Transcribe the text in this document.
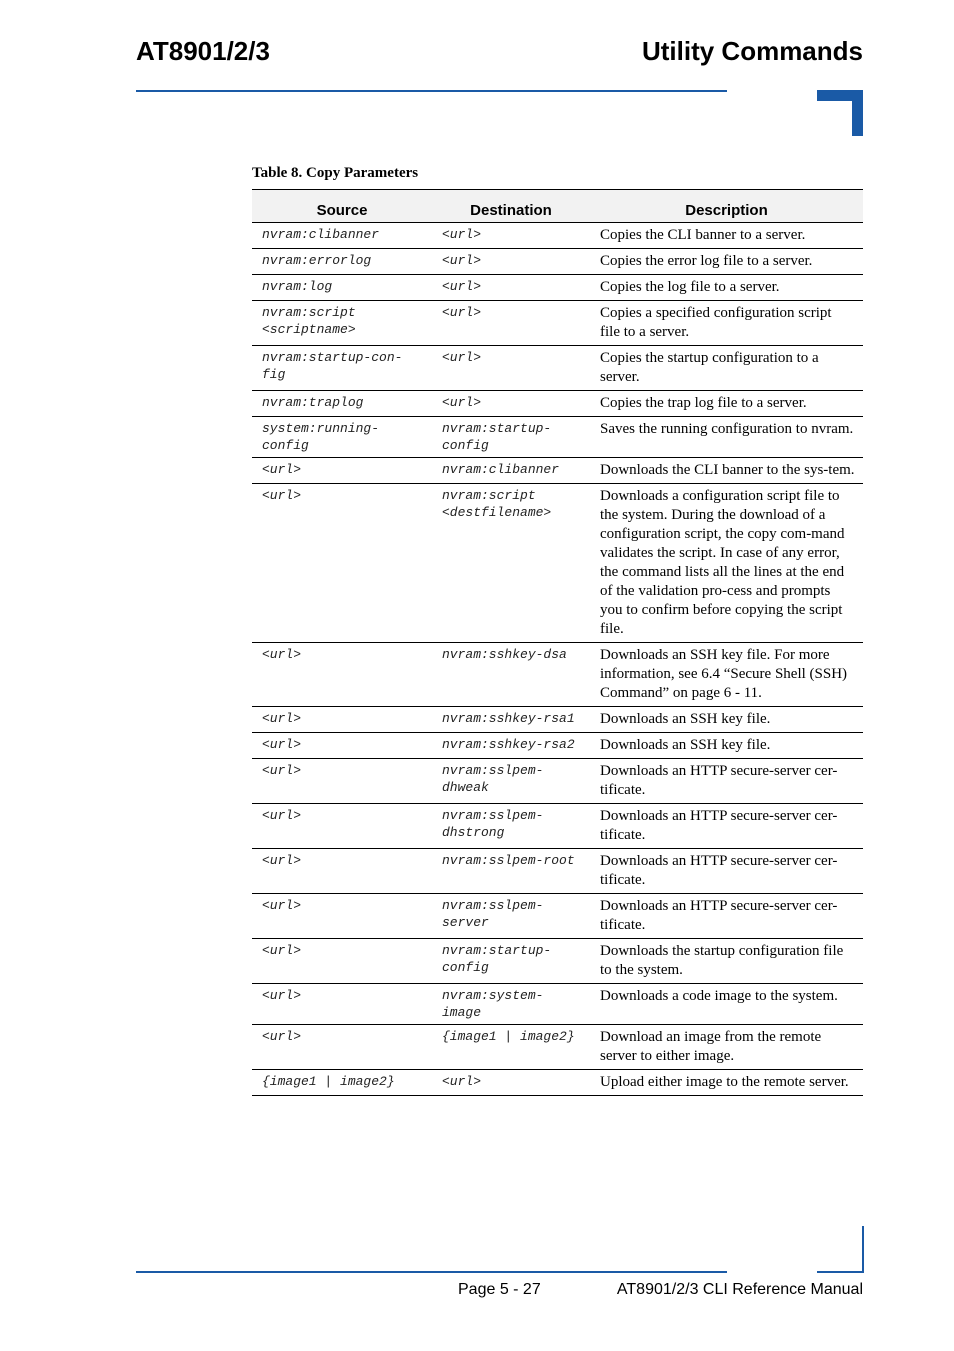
AT8901/2/3	Utility Commands
Table 8. Copy Parameters
Source	Destination	Description
nvram:clibanner	<url>	Copies the CLI banner to a server.
nvram:errorlog	<url>	Copies the error log file to a server.
nvram:log	<url>	Copies the log file to a server.
nvram:script <scriptname>	<url>	Copies a specified configuration script file to a server.
nvram:startup-con-fig	<url>	Copies the startup configuration to a server.
nvram:traplog	<url>	Copies the trap log file to a server.
system:running-config	nvram:startup-config	Saves the running configuration to nvram.
<url>	nvram:clibanner	Downloads the CLI banner to the sys-tem.
<url>	nvram:script <destfilename>	Downloads a configuration script file to the system. During the download of a configuration script, the copy com-mand validates the script. In case of any error, the command lists all the lines at the end of the validation pro-cess and prompts you to confirm before copying the script file.
<url>	nvram:sshkey-dsa	Downloads an SSH key file. For more information, see 6.4 “Secure Shell (SSH) Command” on page 6 - 11.
<url>	nvram:sshkey-rsa1	Downloads an SSH key file.
<url>	nvram:sshkey-rsa2	Downloads an SSH key file.
<url>	nvram:sslpem-dhweak	Downloads an HTTP secure-server cer-tificate.
<url>	nvram:sslpem-dhstrong	Downloads an HTTP secure-server cer-tificate.
<url>	nvram:sslpem-root	Downloads an HTTP secure-server cer-tificate.
<url>	nvram:sslpem-server	Downloads an HTTP secure-server cer-tificate.
<url>	nvram:startup-config	Downloads the startup configuration file to the system.
<url>	nvram:system-image	Downloads a code image to the system.
<url>	{image1 | image2}	Download an image from the remote server to either image.
{image1 | image2}	<url>	Upload either image to the remote server.
Page 5 - 27	AT8901/2/3 CLI Reference Manual
